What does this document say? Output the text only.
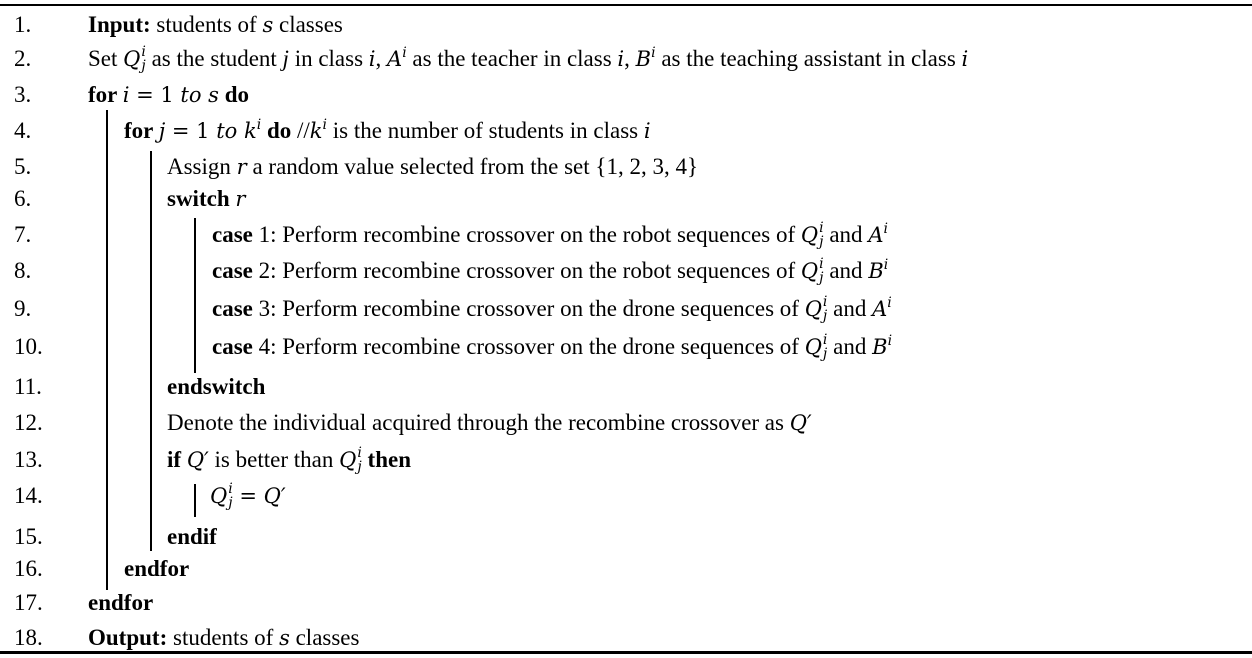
1. Input: students of s classes
2. Set Q i
j as the student j in class i, $A^i$ as the teacher in class i, $B^i$ as the teaching assistant in class i
3. for i = 1 to s do
4.	for j = 1 to $k^i$ do $//k^i$ is the number of students in class i
5.	Assign r a random value selected from the set {1, 2, 3, 4}
6.	switch r
7.	case 1: Perform recombine crossover on the robot sequences of Q i
j and $A^i$
8.	case 2: Perform recombine crossover on the robot sequences of Q i
j and $B^i$
9.	case 3: Perform recombine crossover on the drone sequences of Q i
j and $A^i$
10.	case 4: Perform recombine crossover on the drone sequences of Q i
j and $B^i$
11.	endswitch
12.	Denote the individual acquired through the recombine crossover as Q′
13.	if Q′ is better than Q i
j then
14.	Q i
j = Q′
15.	endif
16.	endfor
17. endfor
18. Output: students of s classes
